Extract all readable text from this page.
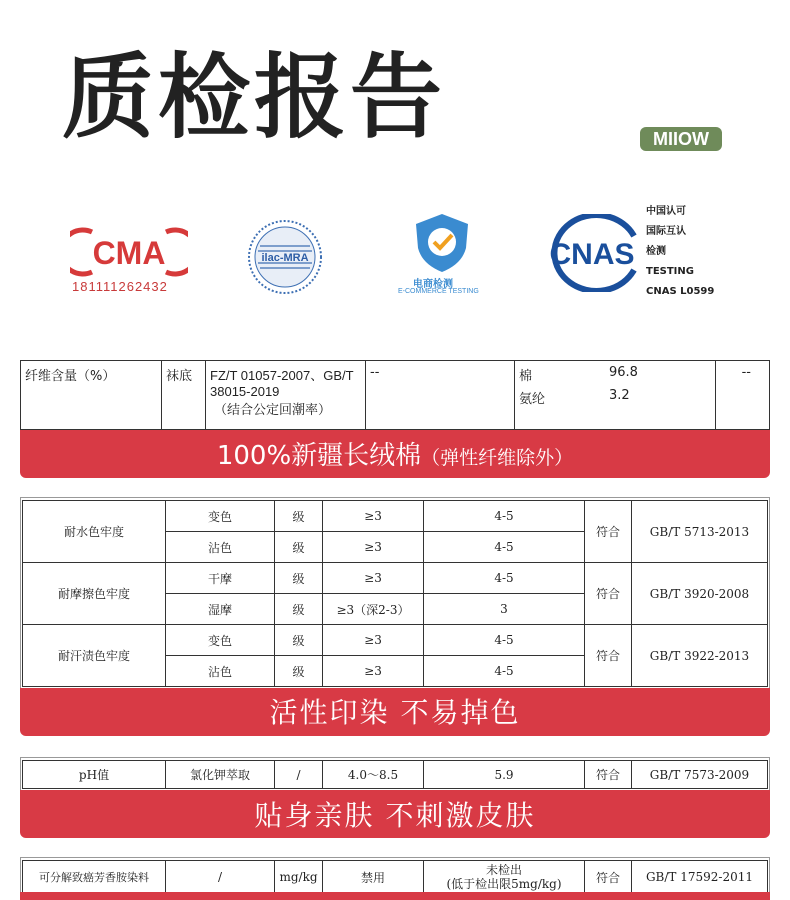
质检报告	MIIOW
CMA
181111262432
ilac-MRA
电商检测
E-COMMERCE TESTING
CNAS
中国认可
国际互认
检测
TESTING
CNAS L0599
纤维含量（%）	袜底	FZ/T 01057-2007、GB/T
38015-2019
（结合公定回潮率）
	--	棉	96.8
氨纶	3.2
	--
100%新疆长绒棉（弹性纤维除外）
耐水色牢度	变色	级	≥3	4-5	符合	GB/T 5713-2013
	沾色	级	≥3	4-5		
耐摩擦色牢度	干摩	级	≥3	4-5	符合	GB/T 3920-2008
	湿摩	级	≥3（深2-3）	3		
耐汗渍色牢度	变色	级	≥3	4-5	符合	GB/T 3922-2013
	沾色	级	≥3	4-5		
活性印染 不易掉色
pH值	氯化钾萃取	/	4.0～8.5	5.9	符合	GB/T 7573-2009
贴身亲肤 不刺激皮肤
可分解致癌芳香胺染料	/	mg/kg	禁用	
未检出
(低于检出限5mg/kg)	符合	GB/T 17592-2011
